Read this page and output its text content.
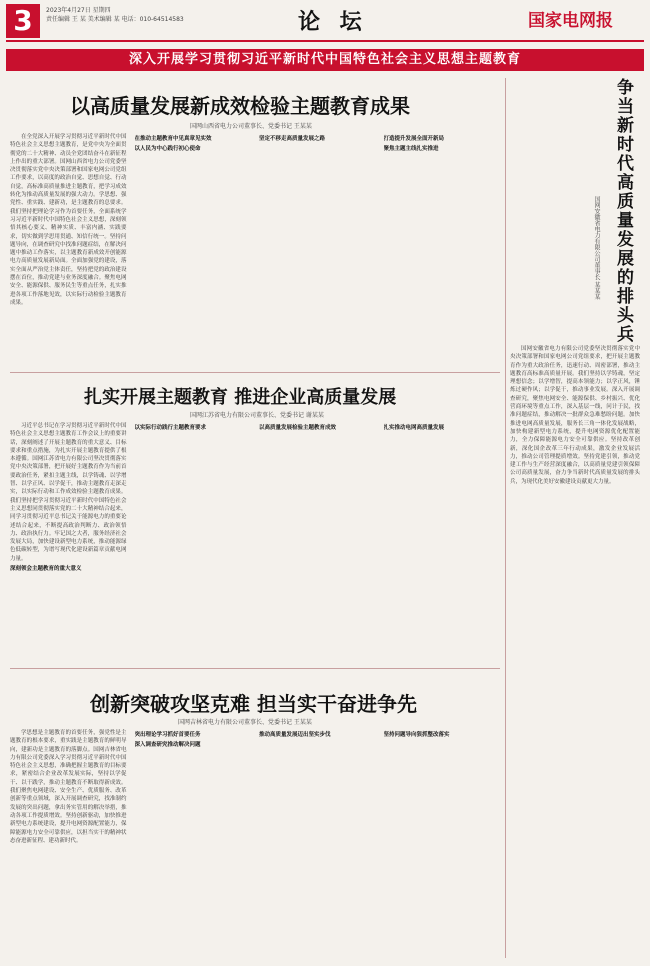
3	2023年4月27日 星期四
责任编辑 王 某 美术编辑 某 电话：010-64514583	论 坛	国家电网报
深入开展学习贯彻习近平新时代中国特色社会主义思想主题教育
以高质量发展新成效检验主题教育成果
国网山西省电力公司董事长、党委书记 王某某

在全党深入开展学习贯彻习近平新时代中国特色社会主义思想主题教育，是党中央为全面贯彻党的二十大精神、动员全党团结奋斗在新征程上作出的重大部署。国网山西省电力公司党委坚决贯彻落实党中央决策部署和国家电网公司党组工作要求，以高度的政治自觉、思想自觉、行动自觉，高标准高质量推进主题教育，把学习成效转化为推动高质量发展的强大动力。学思想、强党性、重实践、建新功，是主题教育的总要求。我们坚持把理论学习作为首要任务，全面系统学习习近平新时代中国特色社会主义思想，深刻领悟其核心要义、精神实质、丰富内涵、实践要求，切实做到学思用贯通、知信行统一。坚持问题导向，在调查研究中找准问题症结，在解决问题中推动工作落实，以主题教育新成效开创能源电力高质量发展新局面。全面加强党的建设，落实全面从严治党主体责任，坚持把党的政治建设摆在首位，推动党建与业务深度融合。聚焦电网安全、能源保供、服务民生等重点任务，扎实推进各项工作落地见效，以实际行动检验主题教育成果。

在推动主题教育中见真章见实效

以人民为中心践行初心使命

坚定不移走高质量发展之路	打造提升发展全面开新局

聚焦主题主线扎实推进

扎实开展主题教育 推进企业高质量发展
国网江苏省电力有限公司董事长、党委书记 谢某某

习近平总书记在学习贯彻习近平新时代中国特色社会主义思想主题教育工作会议上的重要讲话，深刻阐述了开展主题教育的重大意义、目标要求和重点措施，为扎实开展主题教育提供了根本遵循。国网江苏省电力有限公司坚决贯彻落实党中央决策部署，把开展好主题教育作为当前首要政治任务，紧扣主题主线，以学铸魂、以学增智、以学正风、以学促干，推动主题教育走深走实，以实际行动和工作成效检验主题教育成果。我们坚持把学习贯彻习近平新时代中国特色社会主义思想同贯彻落实党的二十大精神结合起来，同学习贯彻习近平总书记关于能源电力的重要论述结合起来，不断提高政治判断力、政治领悟力、政治执行力。牢记国之大者，服务经济社会发展大局，加快建设新型电力系统，推动能源绿色低碳转型，为谱写现代化建设新篇章贡献电网力量。

深刻领会主题教育的重大意义

以实际行动践行主题教育要求	以高质量发展检验主题教育成效	扎实推动电网高质量发展

创新突破攻坚克难 担当实干奋进争先
国网吉林省电力有限公司董事长、党委书记 王某某

学思想是主题教育的首要任务，强党性是主题教育的根本要求，重实践是主题教育的鲜明导向，建新功是主题教育的落脚点。国网吉林省电力有限公司党委深入学习贯彻习近平新时代中国特色社会主义思想，准确把握主题教育的目标要求，紧密结合企业改革发展实际，坚持以学促干、以干践学，推动主题教育不断取得新成效。我们聚焦电网建设、安全生产、优质服务、改革创新等重点领域，深入开展调查研究，找准制约发展的突出问题，拿出务实管用的解决举措，推动各项工作提质增效。坚持创新驱动，加快推进新型电力系统建设，提升电网资源配置能力，保障能源电力安全可靠供应，以担当实干的精神状态奋进新征程、建功新时代。

突出理论学习抓好首要任务

深入调查研究推动解决问题

推动高质量发展迈出坚实步伐	坚持问题导向狠抓整改落实

争当新时代高质量发展的排头兵
国网安徽省电力有限公司董事长 某某某

国网安徽省电力有限公司党委坚决贯彻落实党中央决策部署和国家电网公司党组要求，把开展主题教育作为重大政治任务，迅速行动、周密部署，推动主题教育高标准高质量开展。我们坚持以学铸魂，坚定理想信念；以学增智，提高本领能力；以学正风，锤炼过硬作风；以学促干，推动事业发展。深入开展调查研究，聚焦电网安全、能源保供、乡村振兴、优化营商环境等重点工作，深入基层一线，问计于民，找准问题症结，推动解决一批群众急难愁盼问题。加快推进电网高质量发展，服务长三角一体化发展战略，加快构建新型电力系统，提升电网资源优化配置能力，全力保障能源电力安全可靠供应。坚持改革创新，深化国企改革三年行动成果，激发企业发展活力，推动公司管理提质增效。坚持党建引领，推动党建工作与生产经营深度融合，以高质量党建引领保障公司高质量发展，奋力争当新时代高质量发展的排头兵，为现代化美好安徽建设贡献更大力量。
